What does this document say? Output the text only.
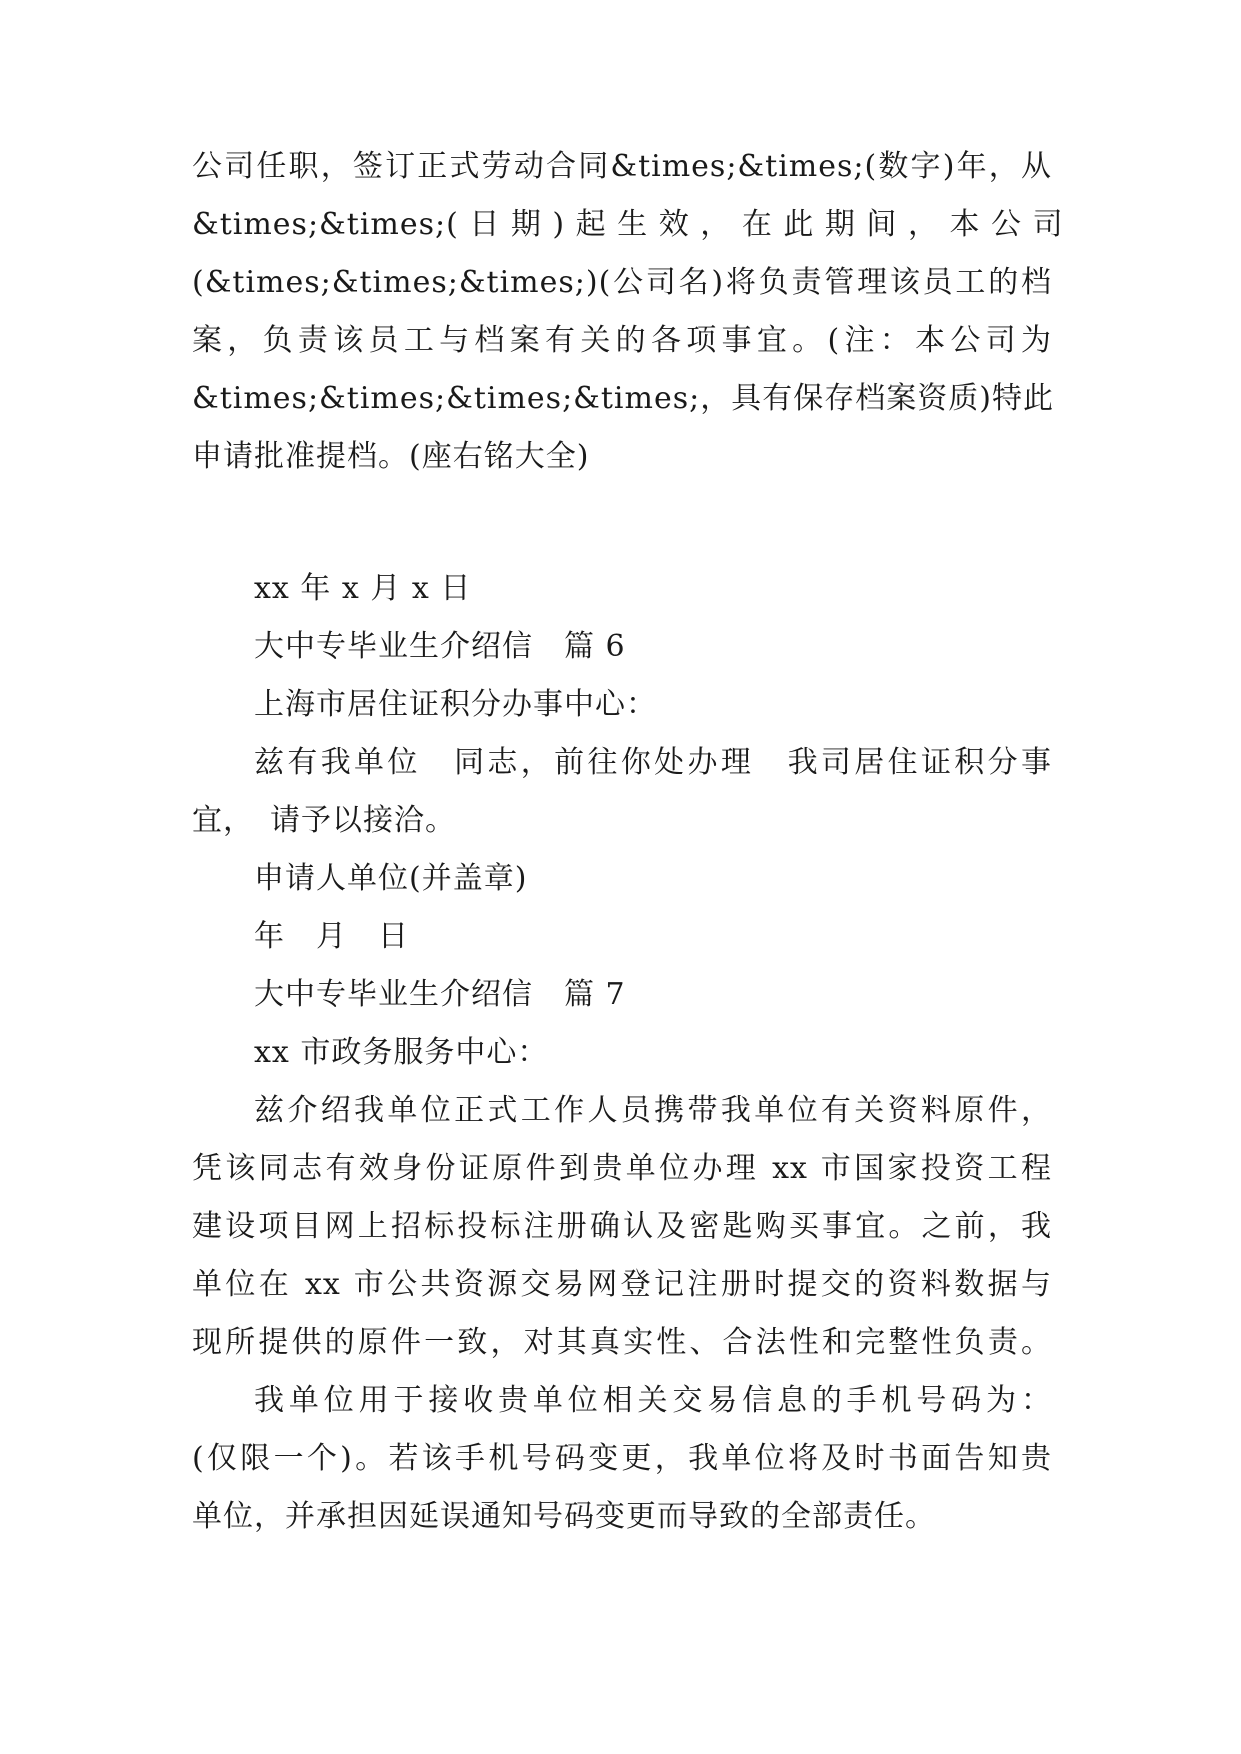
公司任职，签订正式劳动合同&times;&times;(数字)年，从
&times;&times;( 日 期 ) 起 生 效 ， 在 此 期 间 ， 本 公 司
(&times;&times;&times;)(公司名)将负责管理该员工的档
案，负责该员工与档案有关的各项事宜。(注：本公司为
&times;&times;&times;&times;，具有保存档案资质)特此
申请批准提档。(座右铭大全)
xx 年 x 月 x 日
大中专毕业生介绍信　篇 6
上海市居住证积分办事中心：
兹有我单位　同志，前往你处办理　我司居住证积分事
宜，　请予以接洽。
申请人单位(并盖章)
年　月　日
大中专毕业生介绍信　篇 7
xx 市政务服务中心：
兹介绍我单位正式工作人员携带我单位有关资料原件，
凭该同志有效身份证原件到贵单位办理 xx 市国家投资工程
建设项目网上招标投标注册确认及密匙购买事宜。之前，我
单位在 xx 市公共资源交易网登记注册时提交的资料数据与
现所提供的原件一致，对其真实性、合法性和完整性负责。
我单位用于接收贵单位相关交易信息的手机号码为：
(仅限一个)。若该手机号码变更，我单位将及时书面告知贵
单位，并承担因延误通知号码变更而导致的全部责任。
